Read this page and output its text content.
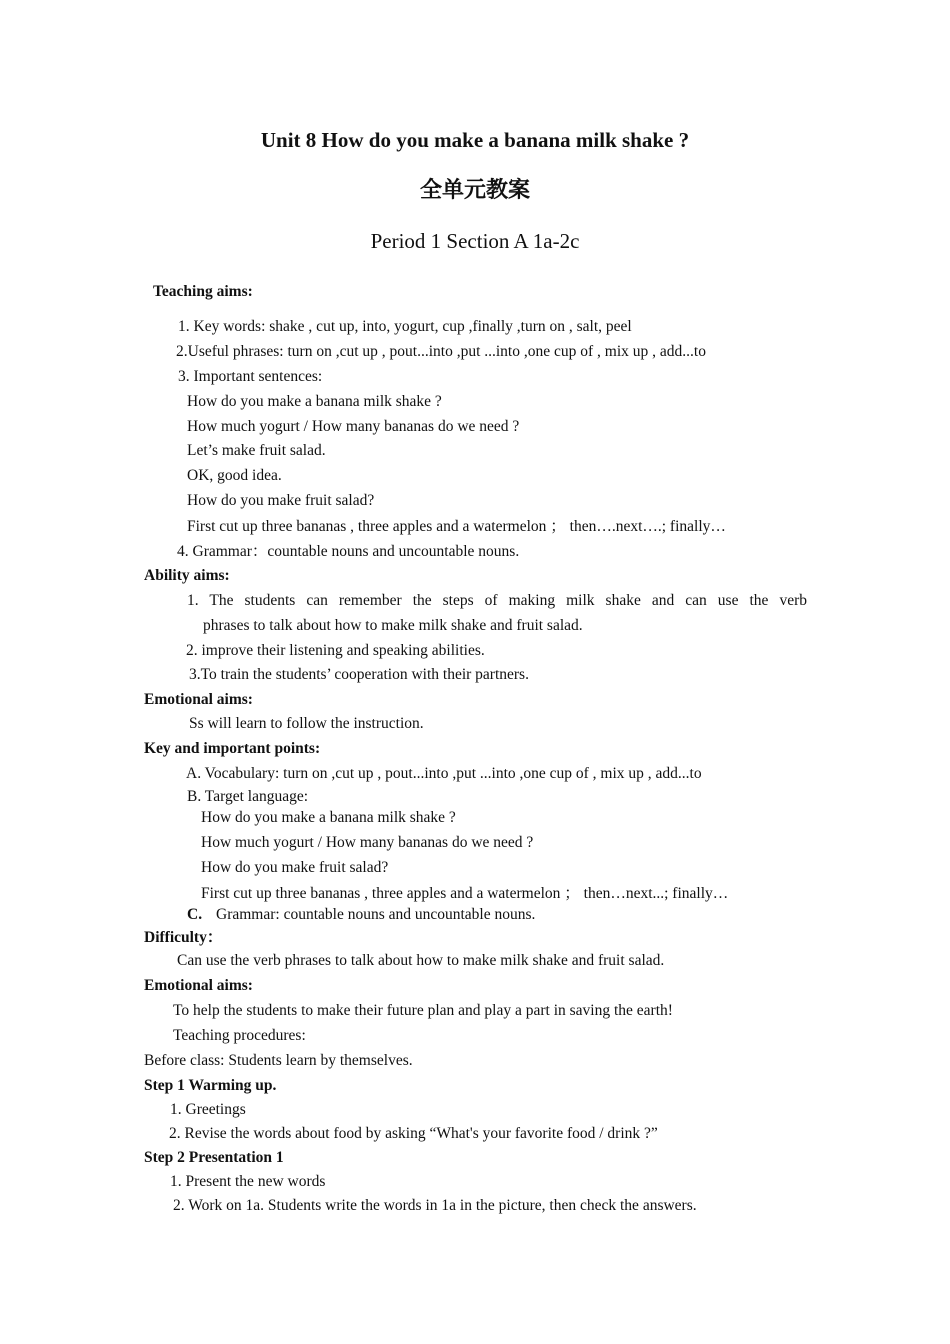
Unit 8 How do you make a banana milk shake ?
全单元教案
Period 1 Section A 1a-2c
Teaching aims:
1. Key words: shake , cut up, into, yogurt, cup ,finally ,turn on , salt, peel
2.Useful phrases: turn on ,cut up , pout...into ,put ...into ,one cup of , mix up , add...to
3. Important sentences:
How do you make a banana milk shake ?
How much yogurt / How many bananas do we need ?
Let’s make fruit salad.
OK, good idea.
How do you make fruit salad?
First cut up three bananas , three apples and a watermelon ； then….next….; finally…
4. Grammar：countable nouns and uncountable nouns.
Ability aims:
1. The students can remember the steps of making milk shake and can use the verb
phrases to talk about how to make milk shake and fruit salad.
2. improve their listening and speaking abilities.
3.To train the students’ cooperation with their partners.
Emotional aims:
Ss will learn to follow the instruction.
Key and important points:
A. Vocabulary: turn on ,cut up , pout...into ,put ...into ,one cup of , mix up , add...to
B. Target language:
How do you make a banana milk shake ?
How much yogurt / How many bananas do we need ?
How do you make fruit salad?
First cut up three bananas , three apples and a watermelon ； then…next...; finally…
C. Grammar: countable nouns and uncountable nouns.
Difficulty：
Can use the verb phrases to talk about how to make milk shake and fruit salad.
Emotional aims:
To help the students to make their future plan and play a part in saving the earth!
Teaching procedures:
Before class: Students learn by themselves.
Step 1 Warming up.
1. Greetings
2. Revise the words about food by asking “What's your favorite food / drink ?”
Step 2 Presentation 1
1. Present the new words
2. Work on 1a. Students write the words in 1a in the picture, then check the answers.
